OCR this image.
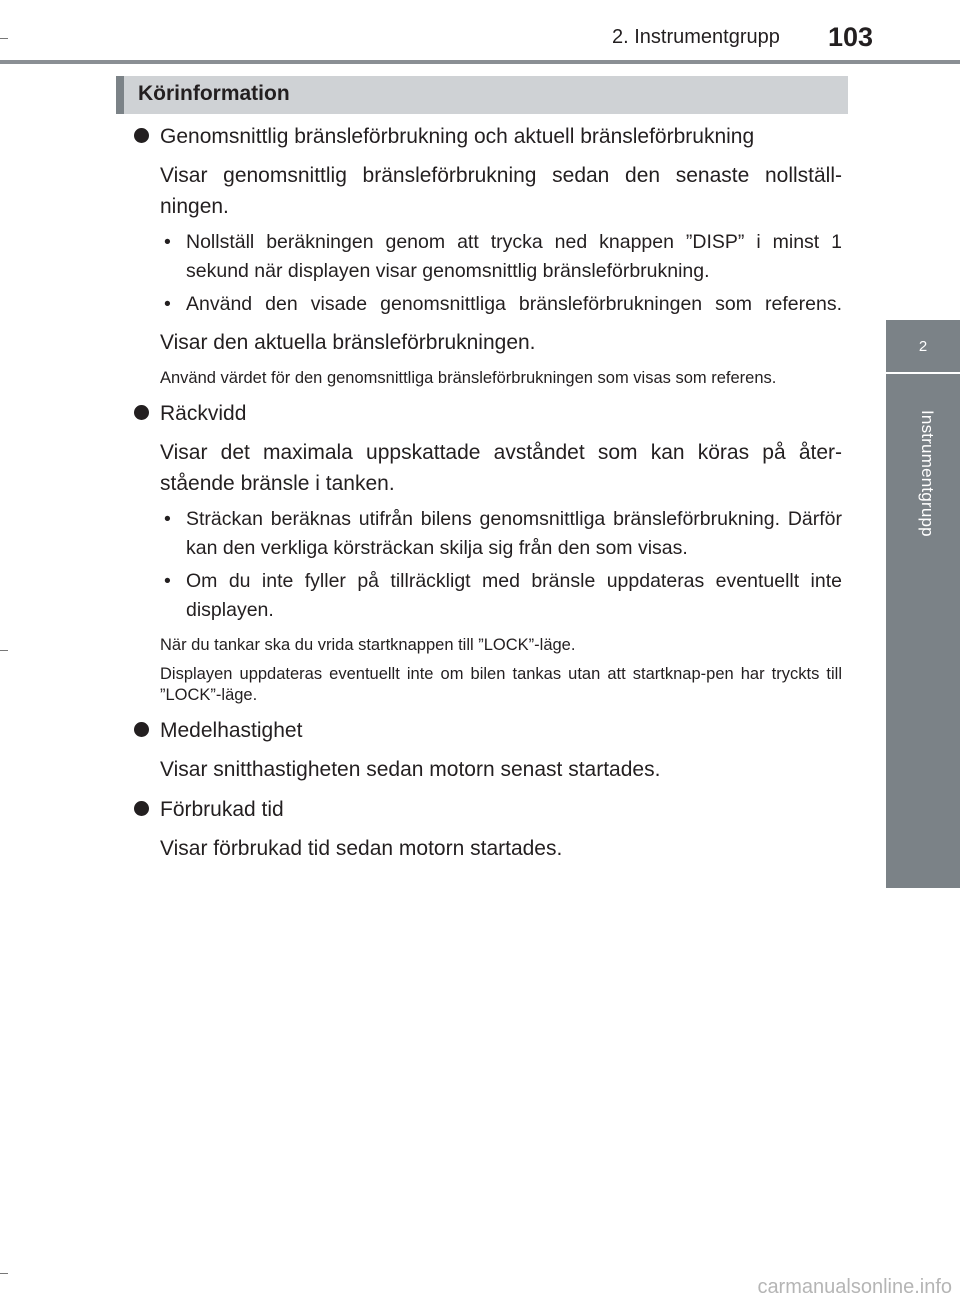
2. Instrumentgrupp 103
2
Instrumentgrupp
Körinformation
Genomsnittlig bränsleförbrukning och aktuell bränsleförbrukning
Visar genomsnittlig bränsleförbrukning sedan den senaste nollställ-ningen.
• Nollställ beräkningen genom att trycka ned knappen ”DISP” i minst 1 sekund när displayen visar genomsnittlig bränsleförbrukning.
• Använd den visade genomsnittliga bränsleförbrukningen som referens.
Visar den aktuella bränsleförbrukningen.
Använd värdet för den genomsnittliga bränsleförbrukningen som visas som referens.
Räckvidd
Visar det maximala uppskattade avståndet som kan köras på åter-stående bränsle i tanken.
• Sträckan beräknas utifrån bilens genomsnittliga bränsleförbrukning. Därför kan den verkliga körsträckan skilja sig från den som visas.
• Om du inte fyller på tillräckligt med bränsle uppdateras eventuellt inte displayen.
När du tankar ska du vrida startknappen till ”LOCK”-läge.
Displayen uppdateras eventuellt inte om bilen tankas utan att startknap-pen har tryckts till ”LOCK”-läge.
Medelhastighet
Visar snitthastigheten sedan motorn senast startades.
Förbrukad tid
Visar förbrukad tid sedan motorn startades.
carmanualsonline.info
